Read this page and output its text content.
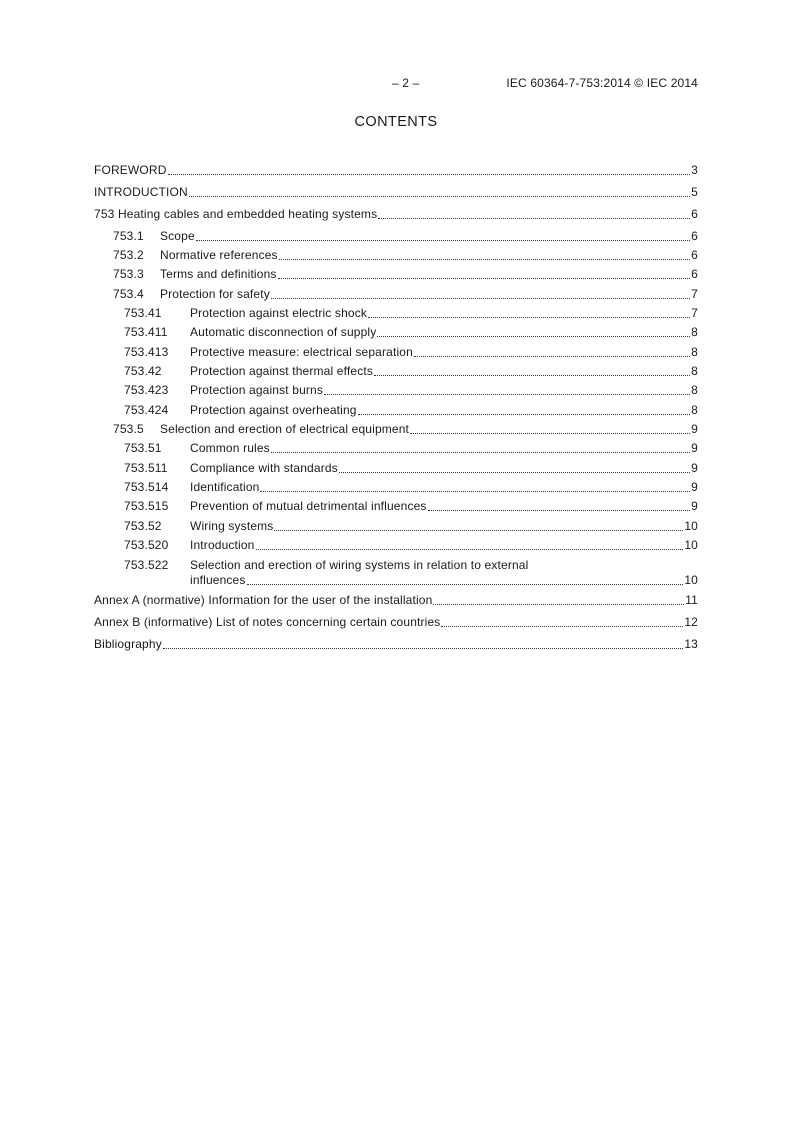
– 2 –	IEC 60364-7-753:2014 © IEC 2014
CONTENTS
FOREWORD	3
INTRODUCTION	5
753 Heating cables and embedded heating systems	6
753.1	Scope	6
753.2	Normative references	6
753.3	Terms and definitions	6
753.4	Protection for safety	7
753.41	Protection against electric shock	7
753.411	Automatic disconnection of supply	8
753.413	Protective measure: electrical separation	8
753.42	Protection against thermal effects	8
753.423	Protection against burns	8
753.424	Protection against overheating	8
753.5	Selection and erection of electrical equipment	9
753.51	Common rules	9
753.511	Compliance with standards	9
753.514	Identification	9
753.515	Prevention of mutual detrimental influences	9
753.52	Wiring systems	10
753.520	Introduction	10
753.522	Selection and erection of wiring systems in relation to external
influences	10
Annex A (normative) Information for the user of the installation	11
Annex B (informative) List of notes concerning certain countries	12
Bibliography	13
